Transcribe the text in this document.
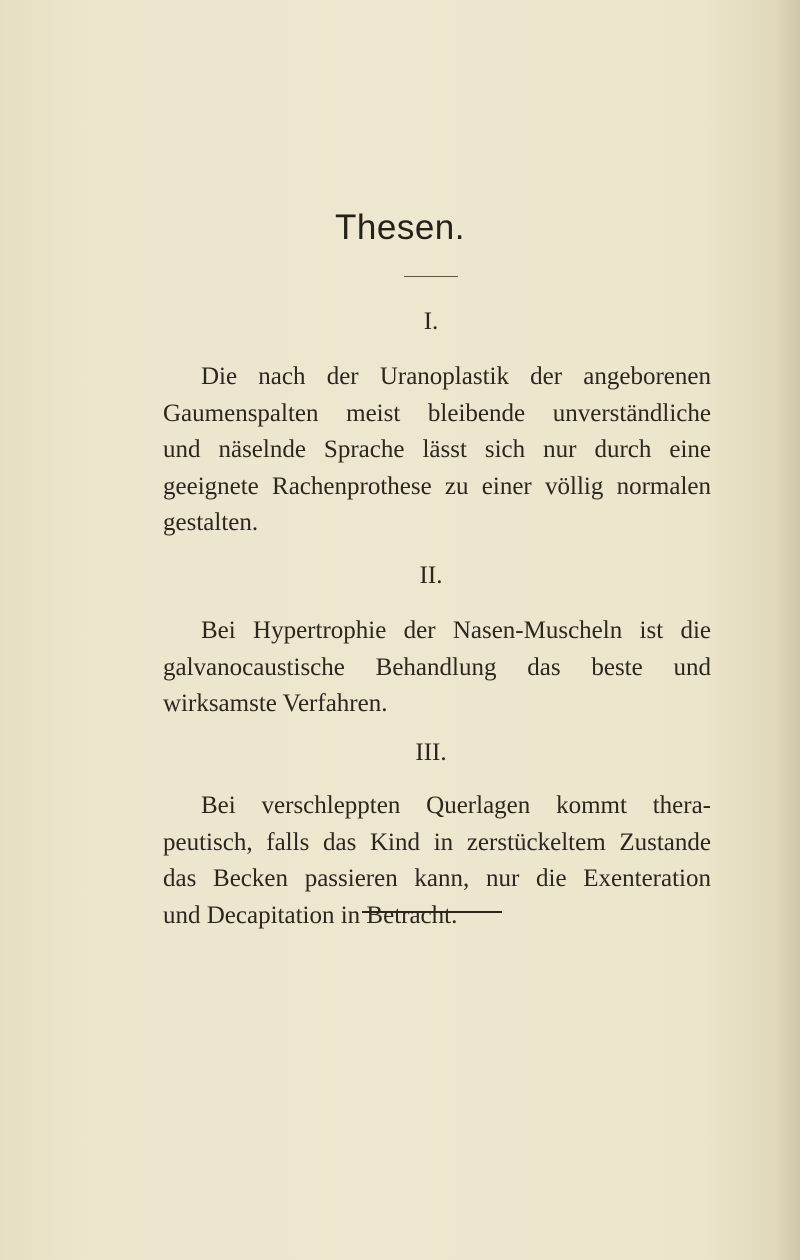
Thesen.
I.
Die nach der Uranoplastik der angeborenen
Gaumenspalten meist bleibende unverständliche
und näselnde Sprache lässt sich nur durch eine
geeignete Rachenprothese zu einer völlig normalen
gestalten.
II.
Bei Hypertrophie der Nasen-Muscheln ist die
galvanocaustische Behandlung das beste und
wirksamste Verfahren.
III.
Bei verschleppten Querlagen kommt thera-
peutisch, falls das Kind in zerstückeltem Zustande
das Becken passieren kann, nur die Exenteration
und Decapitation in Betracht.
